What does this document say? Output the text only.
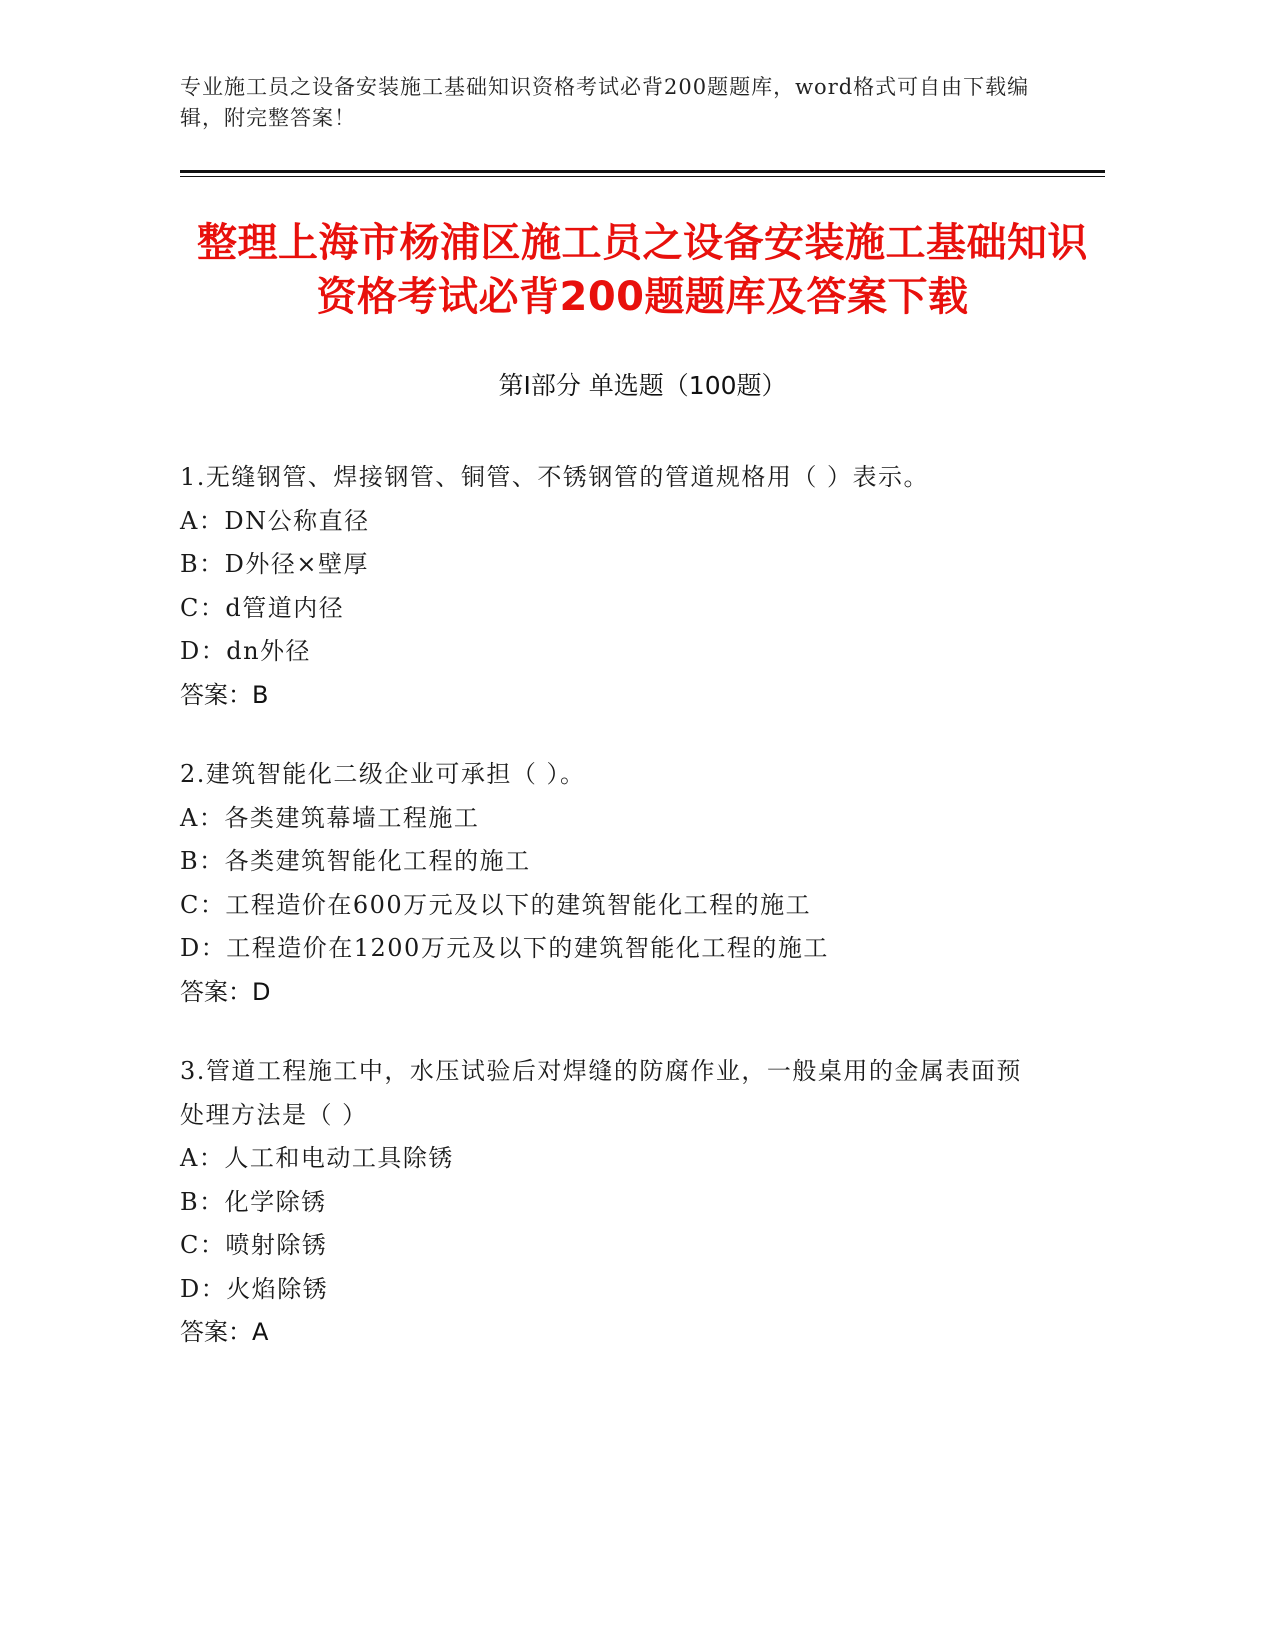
专业施工员之设备安装施工基础知识资格考试必背200题题库，word格式可自由下载编辑，附完整答案！
整理上海市杨浦区施工员之设备安装施工基础知识资格考试必背200题题库及答案下载
第Ⅰ部分 单选题（100题）
1.无缝钢管、焊接钢管、铜管、不锈钢管的管道规格用（ ）表示。
A：DN公称直径
B：D外径×壁厚
C：d管道内径
D：dn外径
答案：B
2.建筑智能化二级企业可承担（ ）。
A：各类建筑幕墙工程施工
B：各类建筑智能化工程的施工
C：工程造价在600万元及以下的建筑智能化工程的施工
D：工程造价在1200万元及以下的建筑智能化工程的施工
答案：D
3.管道工程施工中，水压试验后对焊缝的防腐作业，一般桌用的金属表面预处理方法是（ ）
A：人工和电动工具除锈
B：化学除锈
C：喷射除锈
D：火焰除锈
答案：A
